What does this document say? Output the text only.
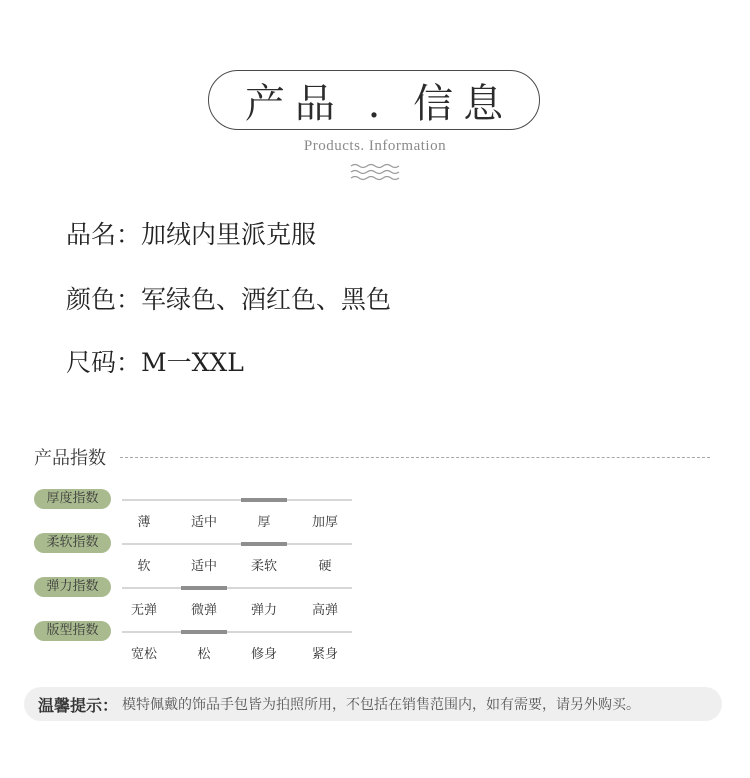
产品 . 信息
Products. Information
品名：加绒内里派克服
颜色：军绿色、酒红色、黑色
尺码：M一XXL
产品指数
厚度指数
薄	适中	厚	加厚
柔软指数
软	适中	柔软	硬
弹力指数
无弹	微弹	弹力	高弹
版型指数
宽松	松	修身	紧身
温馨提示： 模特佩戴的饰品手包皆为拍照所用，不包括在销售范围内，如有需要，请另外购买。
